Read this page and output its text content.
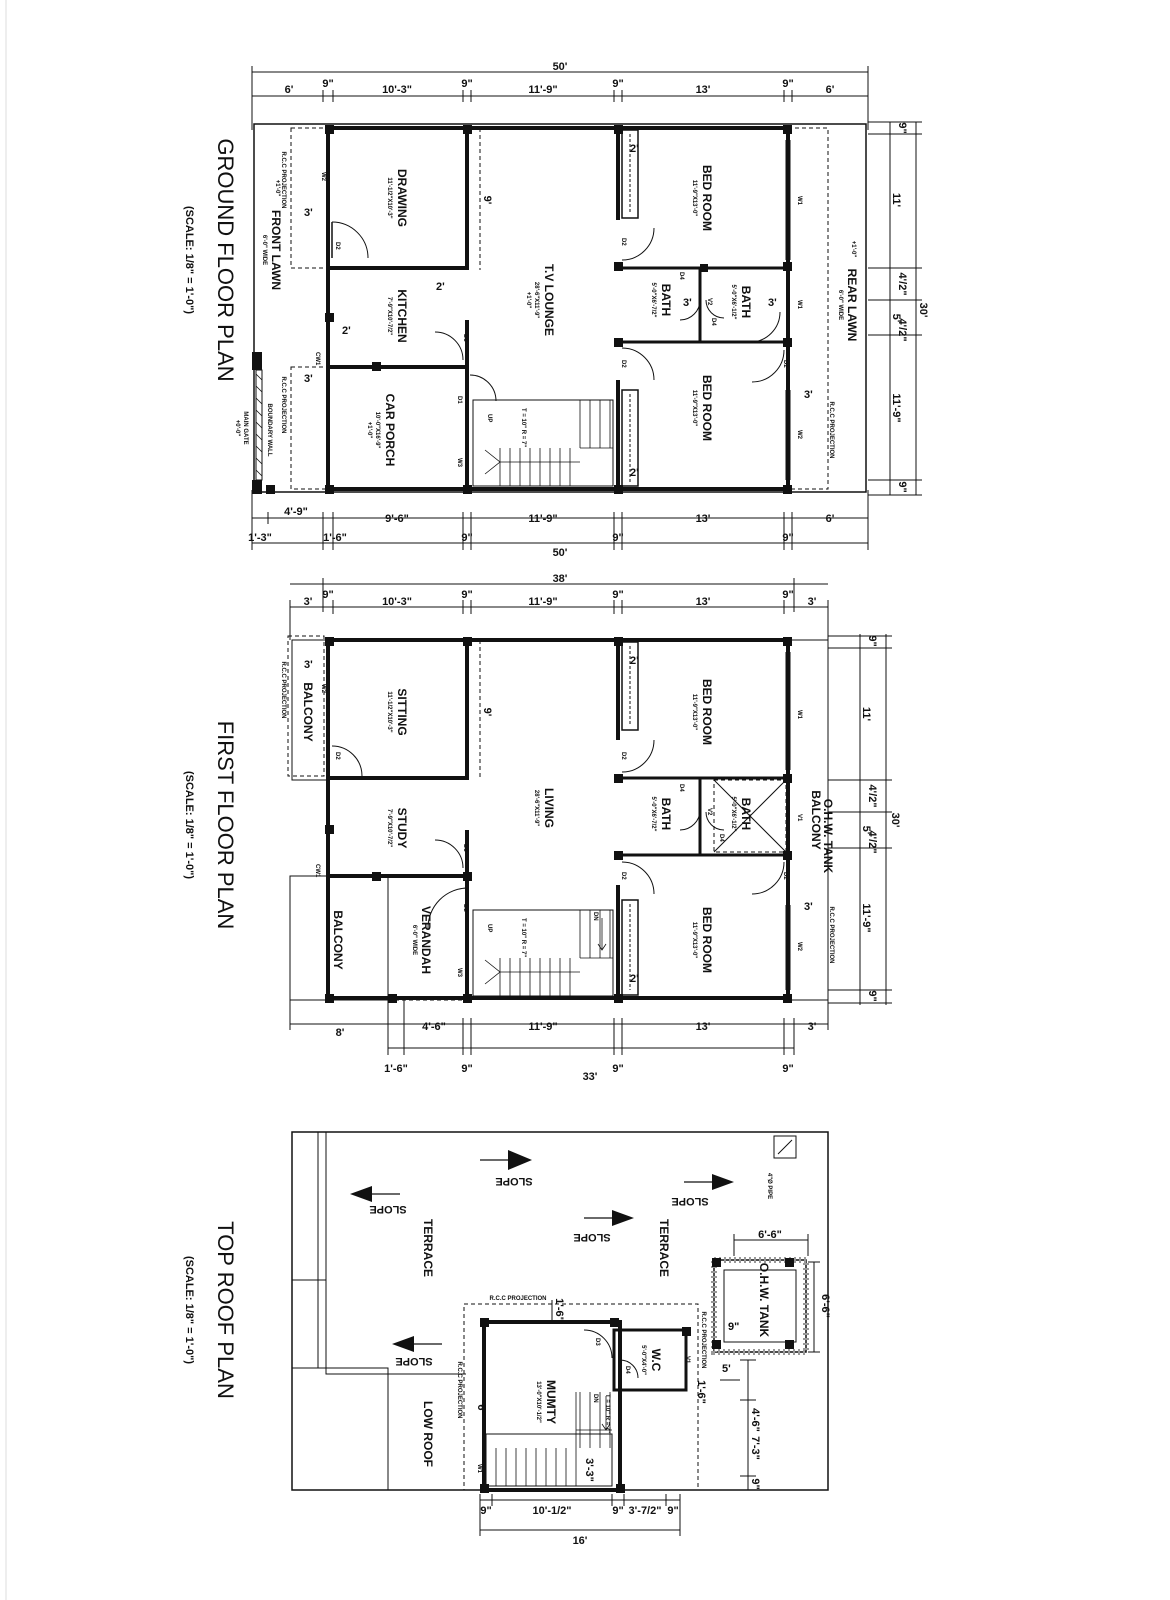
GROUND FLOOR PLAN
(SCALE: 1/8" = 1'-0")
50'
6'	9"	10'-3"	9"	11'-9"	9"	13'	9"	6'
4'-9"
9'-6"	11'-9"	13'	6'
1'-3"	1'-6"	9"	9"	9"
50'
30'
9"
11'
4'/2"
5'
4'/2"
11'-9"
9"
DRAWING
11'-1/2"X10'-3"
KITCHEN
7'-9"X10'-7/2"
CAR PORCH
10'-0"X16'-9"
+1'-0"
T.V LOUNGE
28'-6"X11'-9"
+1'-0"
BED ROOM
11'-9"X13'-0"
BED ROOM
11'-9"X13'-0"
BATH
5'-0"X6'-7/2"	BATH
5'-0"X6'-1/2"
FRONT LAWN
6'-0" WIDE
+1'-0"
REAR LAWN
6'-0" WIDE
+1'-0"
MAIN GATE
+0'-0"
R.C.C PROJECTION
R.C.C PROJECTION	R.C.C PROJECTION
BOUNDARY WALL
3'
2'
2'
2'
2'
9'
3'
3'	3'
3'
D2
D3
D1
D2
D2	D2
D4
D4
V2
W1
W1
W2
W2
W3
CW1
UP	T = 10" R = 7"
FIRST FLOOR PLAN
(SCALE: 1/8" = 1'-0")
38'
3'
9"
10'-3"
9"
11'-9"
9"
13'
9"
3'
8'	4'-6"	11'-9"	13'	3'
1'-6"	9"
33'
9"	9"
30'
9"
11'
4'/2"
5'
4'/2"
11'-9"
9"
SITTING
11'-1/2"X10'-3"
STUDY
7'-9"X10'-7/2"	LIVING
28'-6"X11'-9"
BED ROOM
11'-9"X13'-0"
BED ROOM
11'-9"X13'-0"
BATH
5'-0"X6'-7/2"	BATH
5'-0"X6'-1/2"
BALCONY
BALCONY
BALCONY
O.H.W. TANK
VERANDAH
6'-0" WIDE
R.C.C PROJECTION
R.C.C PROJECTION
3'	2'
2'
9'
3'
D2
D3
D2
D2
D2	D2
D4
D4
V1
V2
W1
W2
W2
W3
CW1
UP
DN
T = 10" R = 7"
TOP ROOF PLAN
(SCALE: 1/8" = 1'-0")
SLOPE
SLOPE
SLOPE
SLOPE
SLOPE
TERRACE	TERRACE
MUMTY
13'-0"X10'-1/2"
W.C
5'-0"X4'-0"
LOW ROOF
O.H.W. TANK
4"Ø PIPE
R.C.C PROJECTION
R.C.C PROJECTION
R.C.C PROJECTION
6'-6"
6'-6"
9"
D3
D4
V1
W1
DN T = 10" R = 7"
1'-6"
1'-6"
5'
4'-6"
7'-3"
9"
3'-3"
6"
9"	10'-1/2"	9" 3'-7/2" 9"
16'
